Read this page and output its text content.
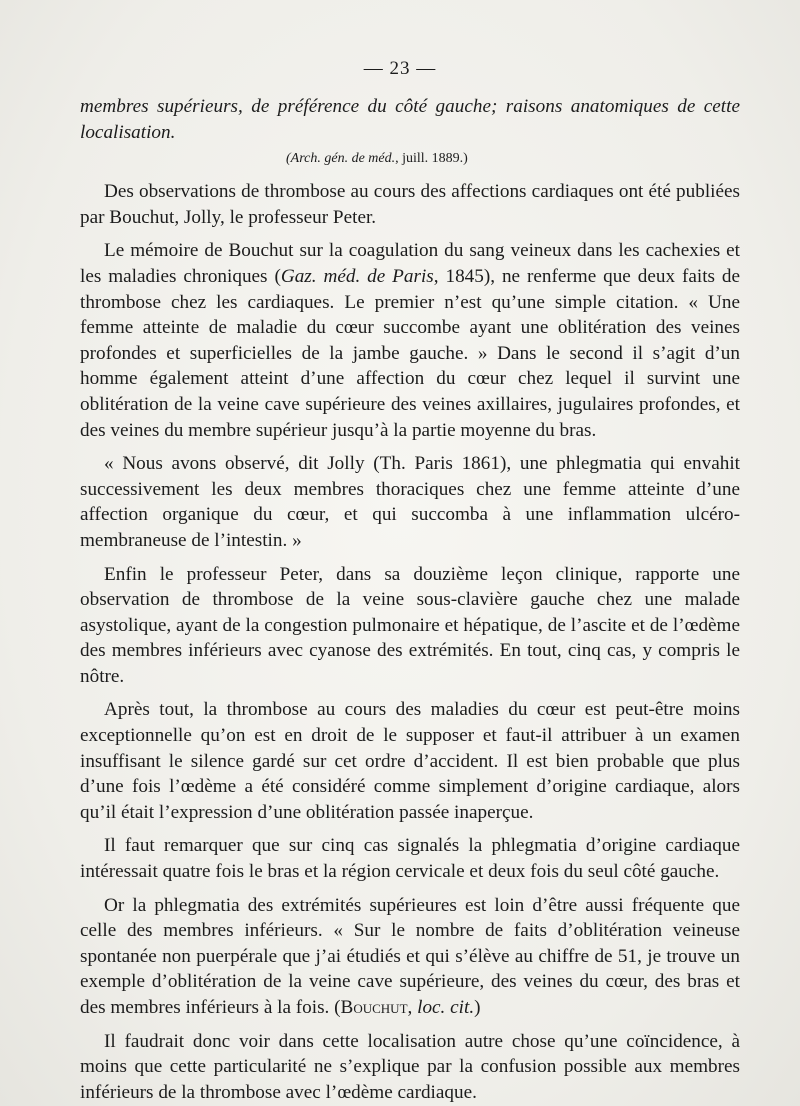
— 23 —

membres supérieurs, de préférence du côté gauche; raisons anatomiques de cette localisation.

(Arch. gén. de méd., juill. 1889.)

Des observations de thrombose au cours des affections cardiaques ont été publiées par Bouchut, Jolly, le professeur Peter.

Le mémoire de Bouchut sur la coagulation du sang veineux dans les cachexies et les maladies chroniques (Gaz. méd. de Paris, 1845), ne renferme que deux faits de thrombose chez les cardiaques. Le premier n’est qu’une simple citation. « Une femme atteinte de maladie du cœur succombe ayant une oblitération des veines profondes et superficielles de la jambe gauche. » Dans le second il s’agit d’un homme également atteint d’une affection du cœur chez lequel il survint une oblitération de la veine cave supérieure des veines axillaires, jugulaires profondes, et des veines du membre supérieur jusqu’à la partie moyenne du bras.

« Nous avons observé, dit Jolly (Th. Paris 1861), une phlegmatia qui envahit successivement les deux membres thoraciques chez une femme atteinte d’une affection organique du cœur, et qui succomba à une inflammation ulcéro-membraneuse de l’intestin. »

Enfin le professeur Peter, dans sa douzième leçon clinique, rapporte une observation de thrombose de la veine sous-clavière gauche chez une malade asystolique, ayant de la congestion pulmonaire et hépatique, de l’ascite et de l’œdème des membres inférieurs avec cyanose des extrémités. En tout, cinq cas, y compris le nôtre.

Après tout, la thrombose au cours des maladies du cœur est peut-être moins exceptionnelle qu’on est en droit de le supposer et faut-il attribuer à un examen insuffisant le silence gardé sur cet ordre d’accident. Il est bien probable que plus d’une fois l’œdème a été considéré comme simplement d’origine cardiaque, alors qu’il était l’expression d’une oblitération passée inaperçue.

Il faut remarquer que sur cinq cas signalés la phlegmatia d’origine cardiaque intéressait quatre fois le bras et la région cervicale et deux fois du seul côté gauche.

Or la phlegmatia des extrémités supérieures est loin d’être aussi fréquente que celle des membres inférieurs. « Sur le nombre de faits d’oblitération veineuse spontanée non puerpérale que j’ai étudiés et qui s’élève au chiffre de 51, je trouve un exemple d’oblitération de la veine cave supérieure, des veines du cœur, des bras et des membres inférieurs à la fois. (Bouchut, loc. cit.)

Il faudrait donc voir dans cette localisation autre chose qu’une coïncidence, à moins que cette particularité ne s’explique par la confusion possible aux membres inférieurs de la thrombose avec l’œdème cardiaque.
